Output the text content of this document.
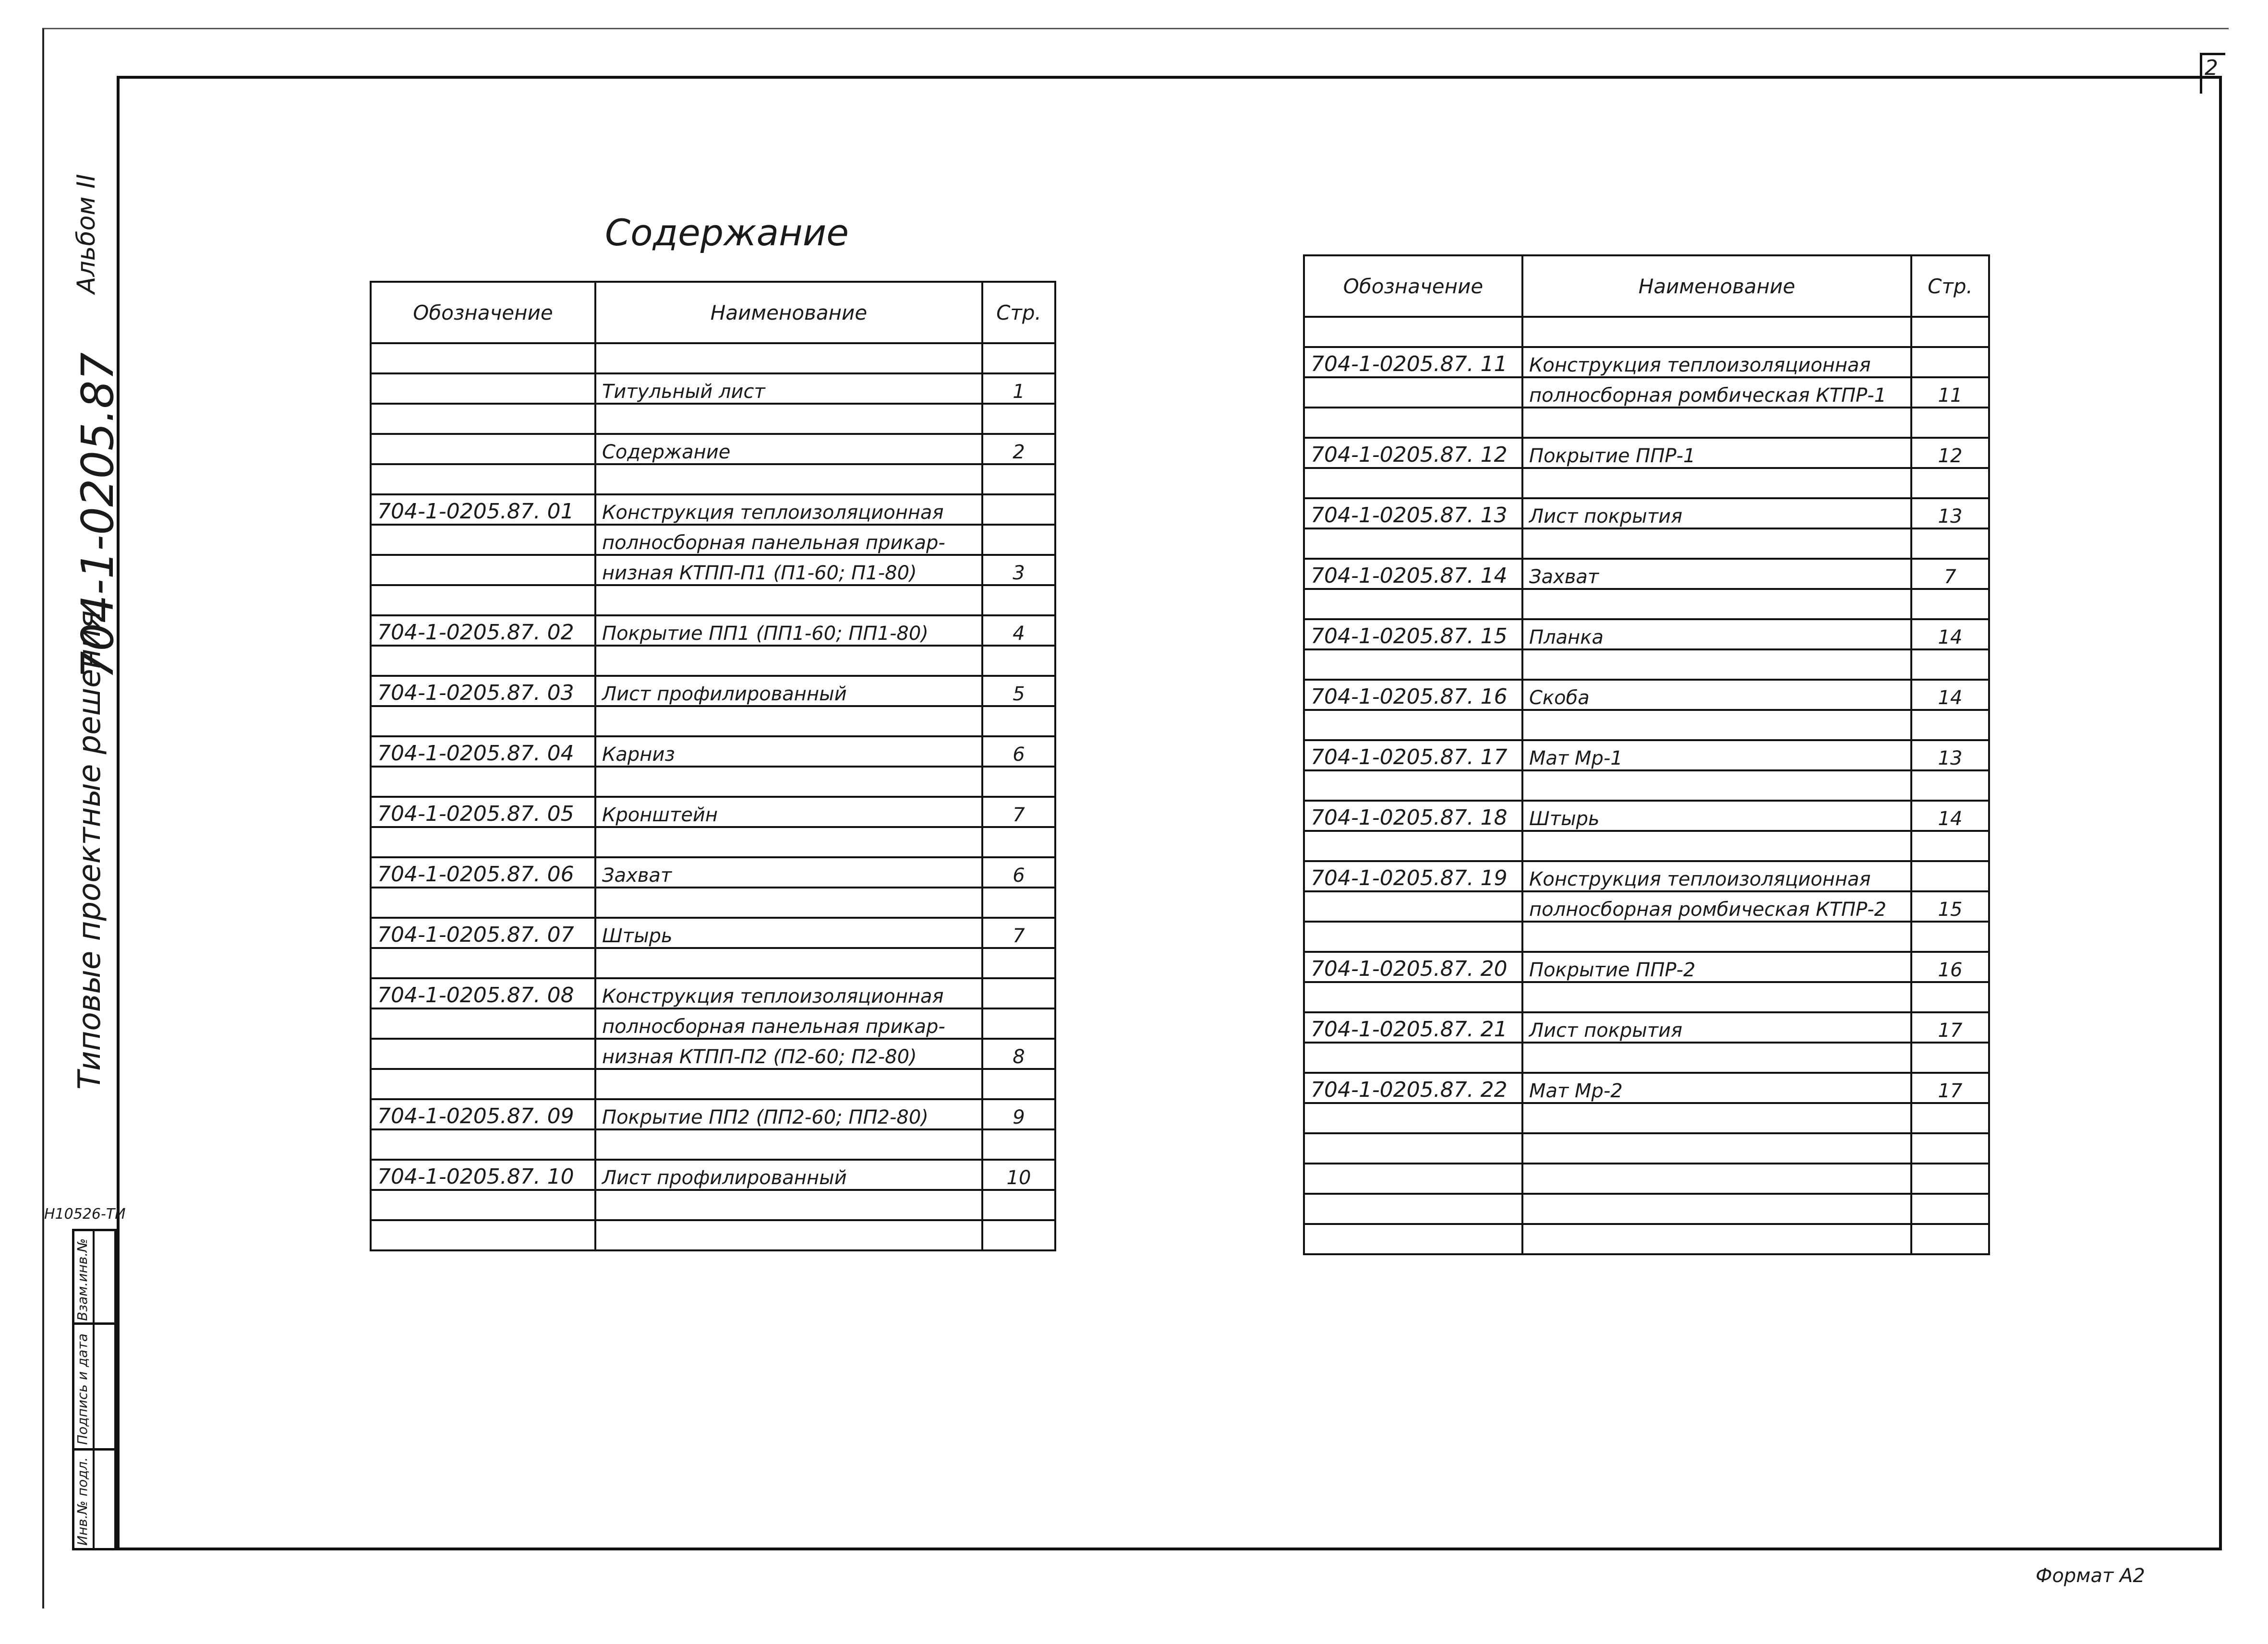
2
Альбом II
704-1-0205.87
Типовые проектные решения
Н10526-ТИ
Взам.инв.№
Подпись и дата
Инв.№ подл.
Содержание
Обозначение	Наименование	Стр.

	Титульный лист	1

	Содержание	2

704-1-0205.87. 01	Конструкция теплоизоляционная	
	полносборная панельная прикар-	
	низная КТПП-П1 (П1-60; П1-80)	3

704-1-0205.87. 02	Покрытие ПП1 (ПП1-60; ПП1-80)	4

704-1-0205.87. 03	Лист профилированный	5

704-1-0205.87. 04	Карниз	6

704-1-0205.87. 05	Кронштейн	7

704-1-0205.87. 06	Захват	6

704-1-0205.87. 07	Штырь	7

704-1-0205.87. 08	Конструкция теплоизоляционная	
	полносборная панельная прикар-	
	низная КТПП-П2 (П2-60; П2-80)	8

704-1-0205.87. 09	Покрытие ПП2 (ПП2-60; ПП2-80)	9

704-1-0205.87. 10	Лист профилированный	10

Обозначение	Наименование	Стр.

704-1-0205.87. 11	Конструкция теплоизоляционная	
	полносборная ромбическая КТПР-1	11

704-1-0205.87. 12	Покрытие ППР-1	12

704-1-0205.87. 13	Лист покрытия	13

704-1-0205.87. 14	Захват	7

704-1-0205.87. 15	Планка	14

704-1-0205.87. 16	Скоба	14

704-1-0205.87. 17	Мат Мр-1	13

704-1-0205.87. 18	Штырь	14

704-1-0205.87. 19	Конструкция теплоизоляционная	
	полносборная ромбическая КТПР-2	15

704-1-0205.87. 20	Покрытие ППР-2	16

704-1-0205.87. 21	Лист покрытия	17

704-1-0205.87. 22	Мат Мр-2	17

Формат А2
